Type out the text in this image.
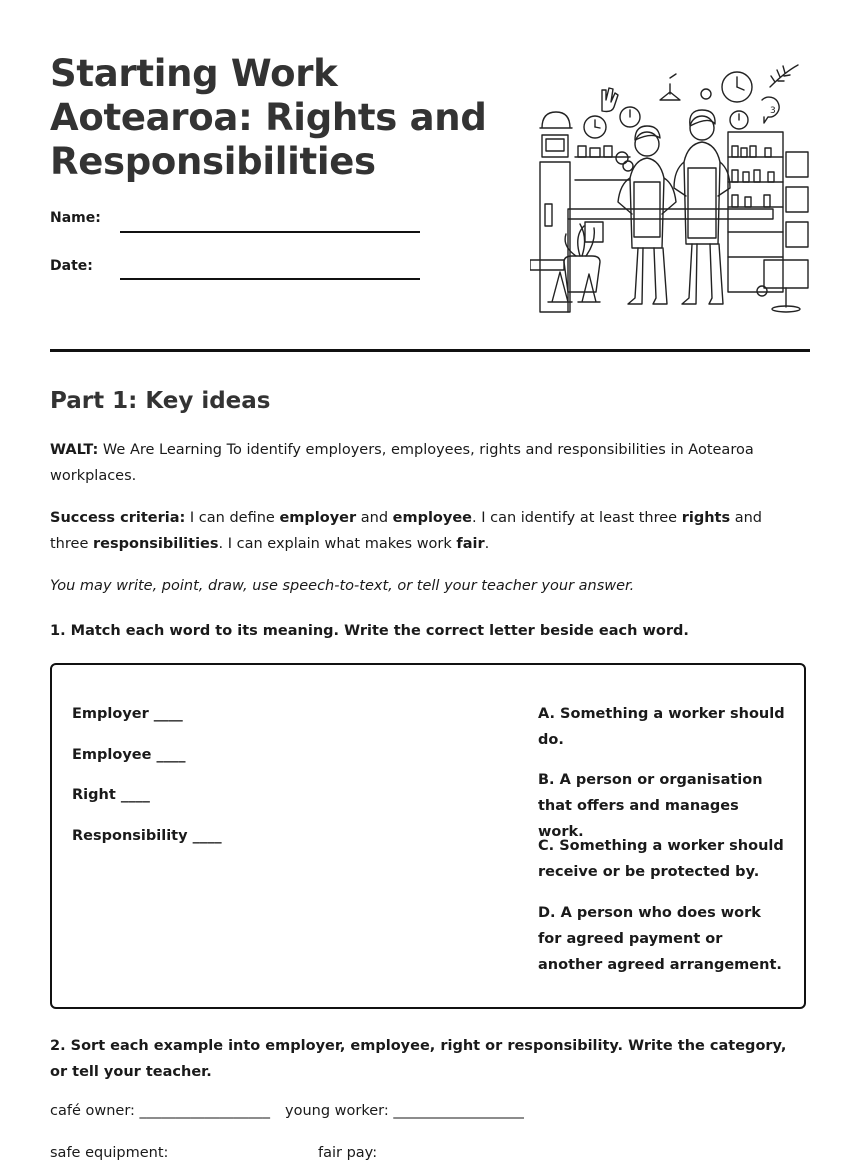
Starting Work Aotearoa: Rights and Responsibilities
Name:
Date:
3
Part 1: Key ideas
WALT: We Are Learning To identify employers, employees, rights and responsibilities in Aotearoa workplaces.
Success criteria: I can define employer and employee. I can identify at least three rights and three responsibilities. I can explain what makes work fair.
You may write, point, draw, use speech-to-text, or tell your teacher your answer.
1. Match each word to its meaning. Write the correct letter beside each word.
Employer ____
Employee ____
Right ____
Responsibility ____
A. Something a worker should do.
B. A person or organisation that offers and manages work.
C. Something a worker should receive or be protected by.
D. A person who does work for agreed payment or another agreed arrangement.
2. Sort each example into employer, employee, right or responsibility. Write the category, or tell your teacher.
café owner: __________________ young worker: __________________
safe equipment:	fair pay:
